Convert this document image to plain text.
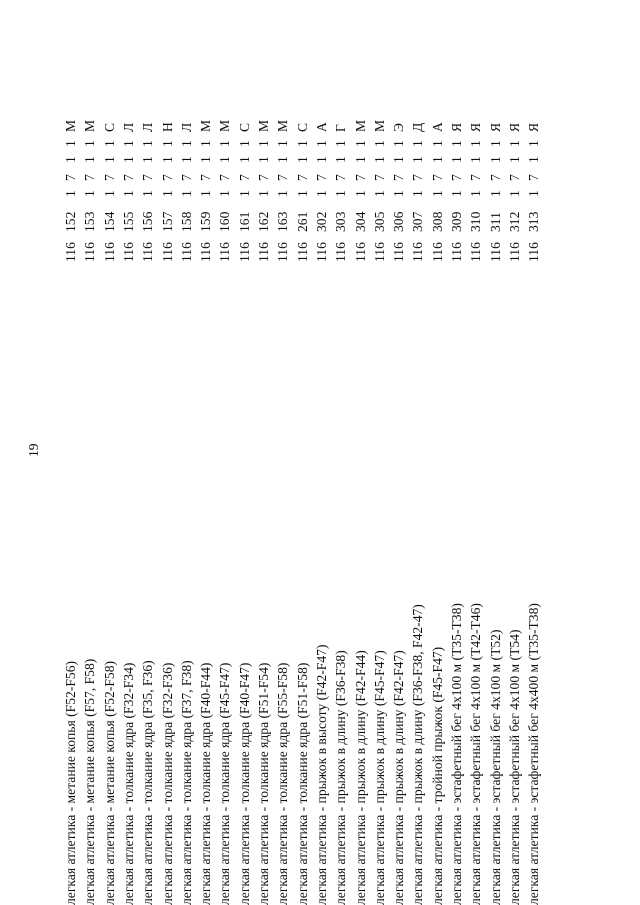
19
легкая атлетика - метание копья (F52-F56)
116
152
1
7
1
1
М
легкая атлетика - метание копья (F57, F58)
116
153
1
7
1
1
М
легкая атлетика - метание копья (F52-F58)
116
154
1
7
1
1
С
легкая атлетика - толкание ядра (F32-F34)
116
155
1
7
1
1
Л
легкая атлетика - толкание ядра (F35, F36)
116
156
1
7
1
1
Л
легкая атлетика - толкание ядра (F32-F36)
116
157
1
7
1
1
Н
легкая атлетика - толкание ядра (F37, F38)
116
158
1
7
1
1
Л
легкая атлетика - толкание ядра (F40-F44)
116
159
1
7
1
1
М
легкая атлетика - толкание ядра (F45-F47)
116
160
1
7
1
1
М
легкая атлетика - толкание ядра (F40-F47)
116
161
1
7
1
1
С
легкая атлетика - толкание ядра (F51-F54)
116
162
1
7
1
1
М
легкая атлетика - толкание ядра (F55-F58)
116
163
1
7
1
1
М
легкая атлетика - толкание ядра (F51-F58)
116
261
1
7
1
1
С
легкая атлетика - прыжок в высоту (F42-F47)
116
302
1
7
1
1
А
легкая атлетика - прыжок в длину (F36-F38)
116
303
1
7
1
1
Г
легкая атлетика - прыжок в длину (F42-F44)
116
304
1
7
1
1
М
легкая атлетика - прыжок в длину (F45-F47)
116
305
1
7
1
1
М
легкая атлетика - прыжок в длину (F42-F47)
116
306
1
7
1
1
Э
легкая атлетика - прыжок в длину (F36-F38, F42-47)
116
307
1
7
1
1
Д
легкая атлетика - тройной прыжок (F45-F47)
116
308
1
7
1
1
А
легкая атлетика - эстафетный бег 4х100 м (Т35-Т38)
116
309
1
7
1
1
Я
легкая атлетика - эстафетный бег 4х100 м (Т42-Т46)
116
310
1
7
1
1
Я
легкая атлетика - эстафетный бег 4х100 м (Т52)
116
311
1
7
1
1
Я
легкая атлетика - эстафетный бег 4х100 м (Т54)
116
312
1
7
1
1
Я
легкая атлетика - эстафетный бег 4х400 м (Т35-Т38)
116
313
1
7
1
1
Я
